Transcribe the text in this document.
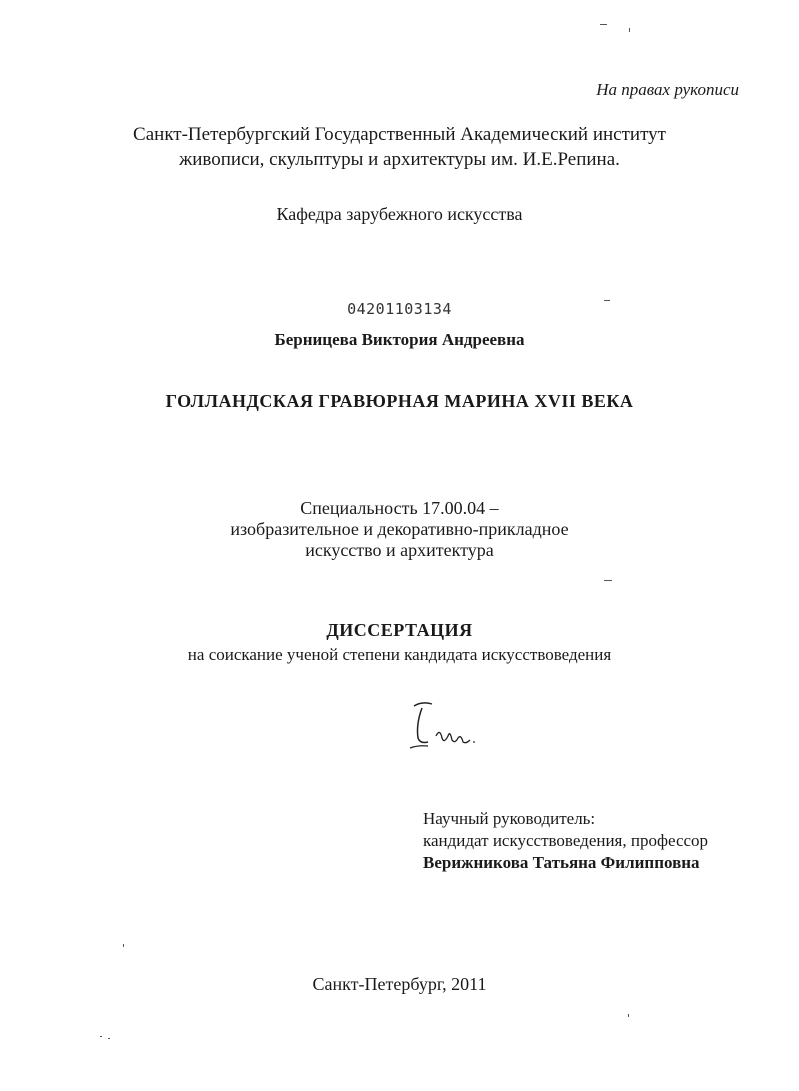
На правах рукописи
Санкт-Петербургский Государственный Академический институт
живописи, скульптуры и архитектуры им. И.Е.Репина.
Кафедра зарубежного искусства
04201103134
Берницева Виктория Андреевна
ГОЛЛАНДСКАЯ ГРАВЮРНАЯ МАРИНА XVII ВЕКА
Специальность 17.00.04 –
изобразительное и декоративно-прикладное
искусство и архитектура
ДИССЕРТАЦИЯ
на соискание ученой степени кандидата искусствоведения
Научный руководитель:
кандидат искусствоведения, профессор
Верижникова Татьяна Филипповна
Санкт-Петербург, 2011
